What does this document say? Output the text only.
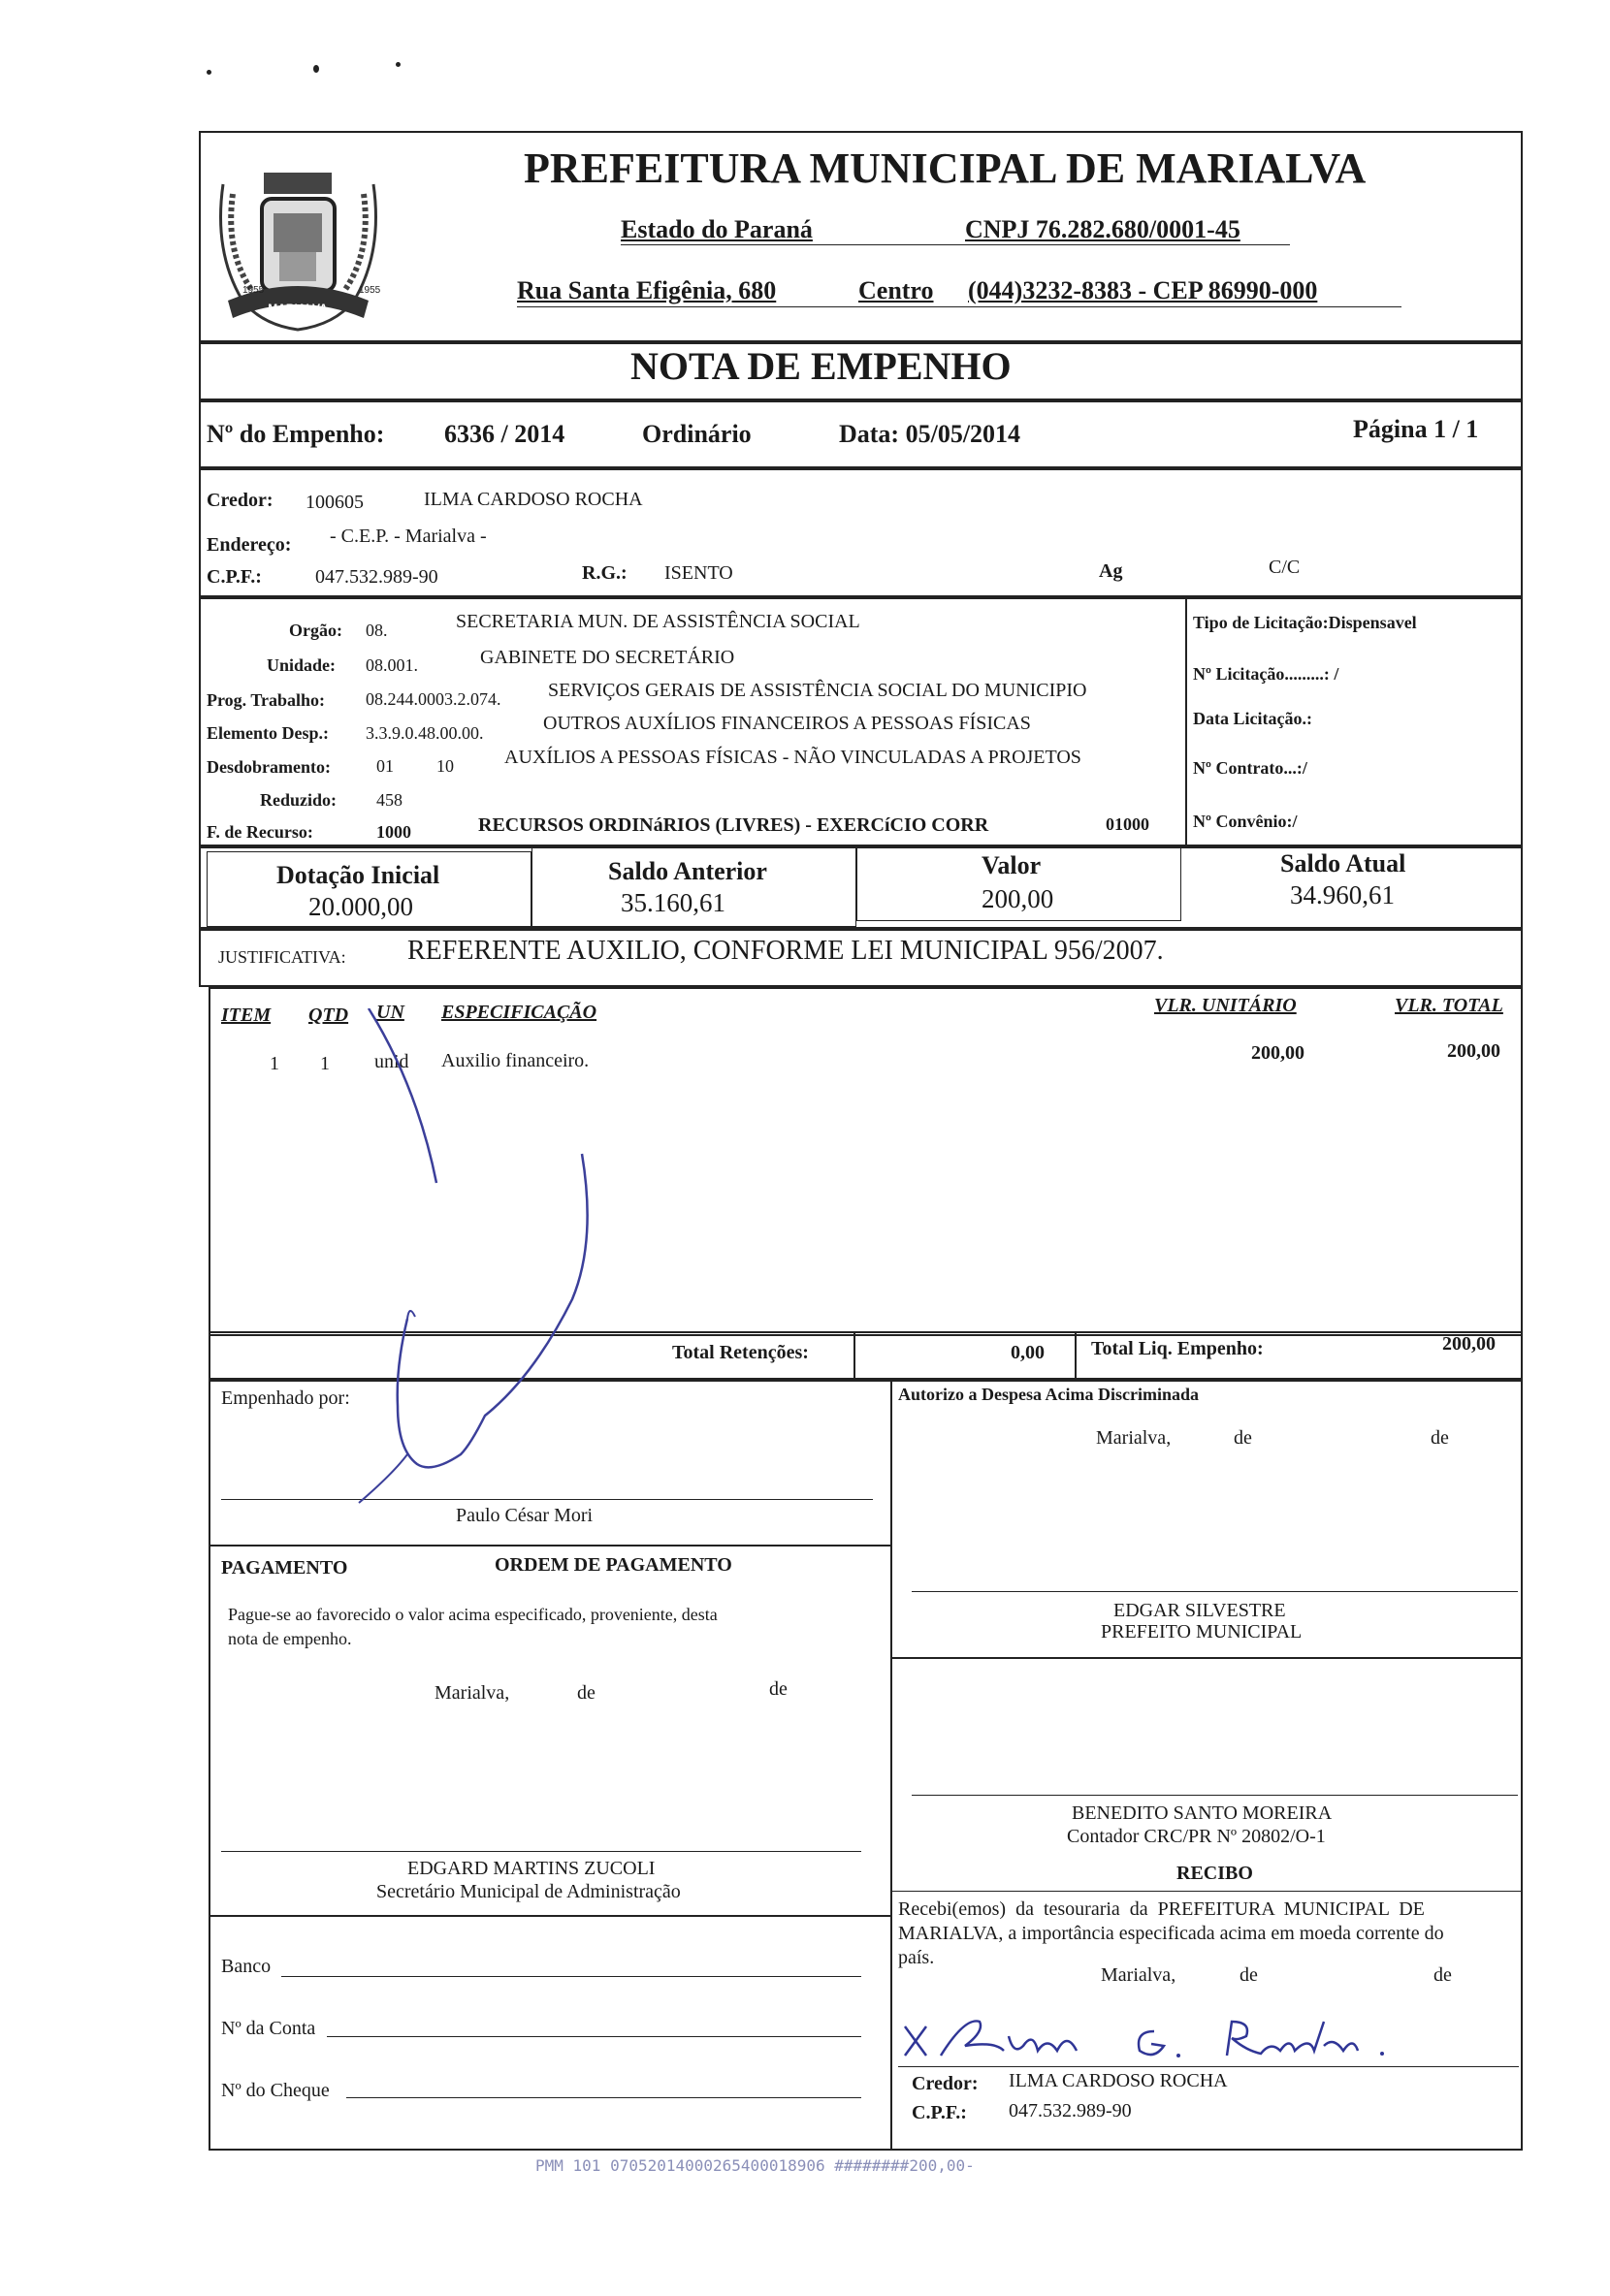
MARIALVA
1955
1955
PREFEITURA MUNICIPAL DE MARIALVA
Estado do Paraná	CNPJ 76.282.680/0001-45
Rua Santa Efigênia, 680	Centro (044)3232-8383 - CEP 86990-000
NOTA DE EMPENHO
Nº do Empenho: 6336 / 2014	Ordinário	Data: 05/05/2014	Página 1 / 1
Credor: 100605	ILMA CARDOSO ROCHA
Endereço: - C.E.P. - Marialva -
C.P.F.:	047.532.989-90	R.G.: ISENTO	Ag	C/C
Orgão: 08.	SECRETARIA MUN. DE ASSISTÊNCIA SOCIAL
Unidade: 08.001.	GABINETE DO SECRETÁRIO
Prog. Trabalho: 08.244.0003.2.074. SERVIÇOS GERAIS DE ASSISTÊNCIA SOCIAL DO MUNICIPIO
Elemento Desp.: 3.3.9.0.48.00.00.	OUTROS AUXÍLIOS FINANCEIROS A PESSOAS FÍSICAS
Desdobramento:	01 10	AUXÍLIOS A PESSOAS FÍSICAS - NÃO VINCULADAS A PROJETOS
Reduzido: 458
F. de Recurso:	1000	RECURSOS ORDINáRIOS (LIVRES) - EXERCíCIO CORR	01000
Tipo de Licitação:Dispensavel
Nº Licitação.........: /
Data Licitação.:
Nº Contrato...:/
Nº Convênio:/
Dotação Inicial
20.000,00
Saldo Anterior
35.160,61
Valor
200,00
Saldo Atual
34.960,61
JUSTIFICATIVA: REFERENTE AUXILIO, CONFORME LEI MUNICIPAL 956/2007.
ITEM QTD UN ESPECIFICAÇÃO	VLR. UNITÁRIO	VLR. TOTAL
1 1 unid Auxilio financeiro.	200,00	200,00
Total Retenções:	0,00 Total Liq. Empenho:	200,00
Empenhado por:
Paulo César Mori
PAGAMENTO	ORDEM DE PAGAMENTO
Pague-se ao favorecido o valor acima especificado, proveniente, desta
nota de empenho.
Marialva,	de	de
EDGARD MARTINS ZUCOLI
Secretário Municipal de Administração
Banco
Nº da Conta
Nº do Cheque
Autorizo a Despesa Acima Discriminada
Marialva,	de	de
EDGAR SILVESTRE
PREFEITO MUNICIPAL
BENEDITO SANTO MOREIRA
Contador CRC/PR Nº 20802/O-1
RECIBO
Recebi(emos)  da  tesouraria  da  PREFEITURA  MUNICIPAL  DE
MARIALVA, a importância especificada acima em moeda corrente do
país.
Marialva,	de	de
Credor: ILMA CARDOSO ROCHA
C.P.F.: 047.532.989-90
PMM 101 07052014000265400018906 ########200,00-
